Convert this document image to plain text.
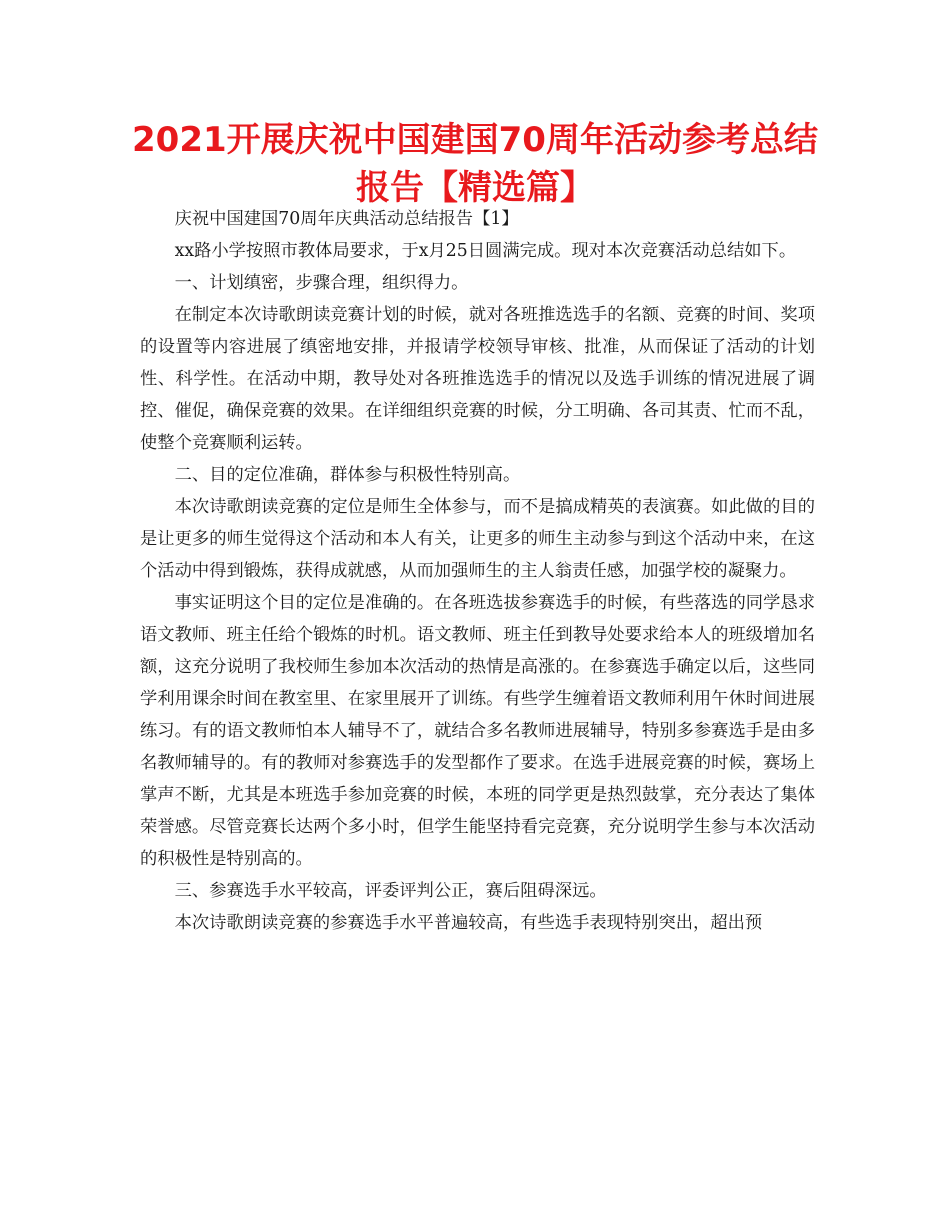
2021开展庆祝中国建国70周年活动参考总结报告【精选篇】

庆祝中国建国70周年庆典活动总结报告【1】

xx路小学按照市教体局要求，于x月25日圆满完成。现对本次竞赛活动总结如下。

一、计划缜密，步骤合理，组织得力。

在制定本次诗歌朗读竞赛计划的时候，就对各班推选选手的名额、竞赛的时间、奖项的设置等内容进展了缜密地安排，并报请学校领导审核、批准，从而保证了活动的计划性、科学性。在活动中期，教导处对各班推选选手的情况以及选手训练的情况进展了调控、催促，确保竞赛的效果。在详细组织竞赛的时候，分工明确、各司其责、忙而不乱，使整个竞赛顺利运转。

二、目的定位准确，群体参与积极性特别高。

本次诗歌朗读竞赛的定位是师生全体参与，而不是搞成精英的表演赛。如此做的目的是让更多的师生觉得这个活动和本人有关，让更多的师生主动参与到这个活动中来，在这个活动中得到锻炼，获得成就感，从而加强师生的主人翁责任感，加强学校的凝聚力。

事实证明这个目的定位是准确的。在各班选拔参赛选手的时候，有些落选的同学恳求语文教师、班主任给个锻炼的时机。语文教师、班主任到教导处要求给本人的班级增加名额，这充分说明了我校师生参加本次活动的热情是高涨的。在参赛选手确定以后，这些同学利用课余时间在教室里、在家里展开了训练。有些学生缠着语文教师利用午休时间进展练习。有的语文教师怕本人辅导不了，就结合多名教师进展辅导，特别多参赛选手是由多名教师辅导的。有的教师对参赛选手的发型都作了要求。在选手进展竞赛的时候，赛场上掌声不断，尤其是本班选手参加竞赛的时候，本班的同学更是热烈鼓掌，充分表达了集体荣誉感。尽管竞赛长达两个多小时，但学生能坚持看完竞赛，充分说明学生参与本次活动的积极性是特别高的。

三、参赛选手水平较高，评委评判公正，赛后阻碍深远。

本次诗歌朗读竞赛的参赛选手水平普遍较高，有些选手表现特别突出，超出预
